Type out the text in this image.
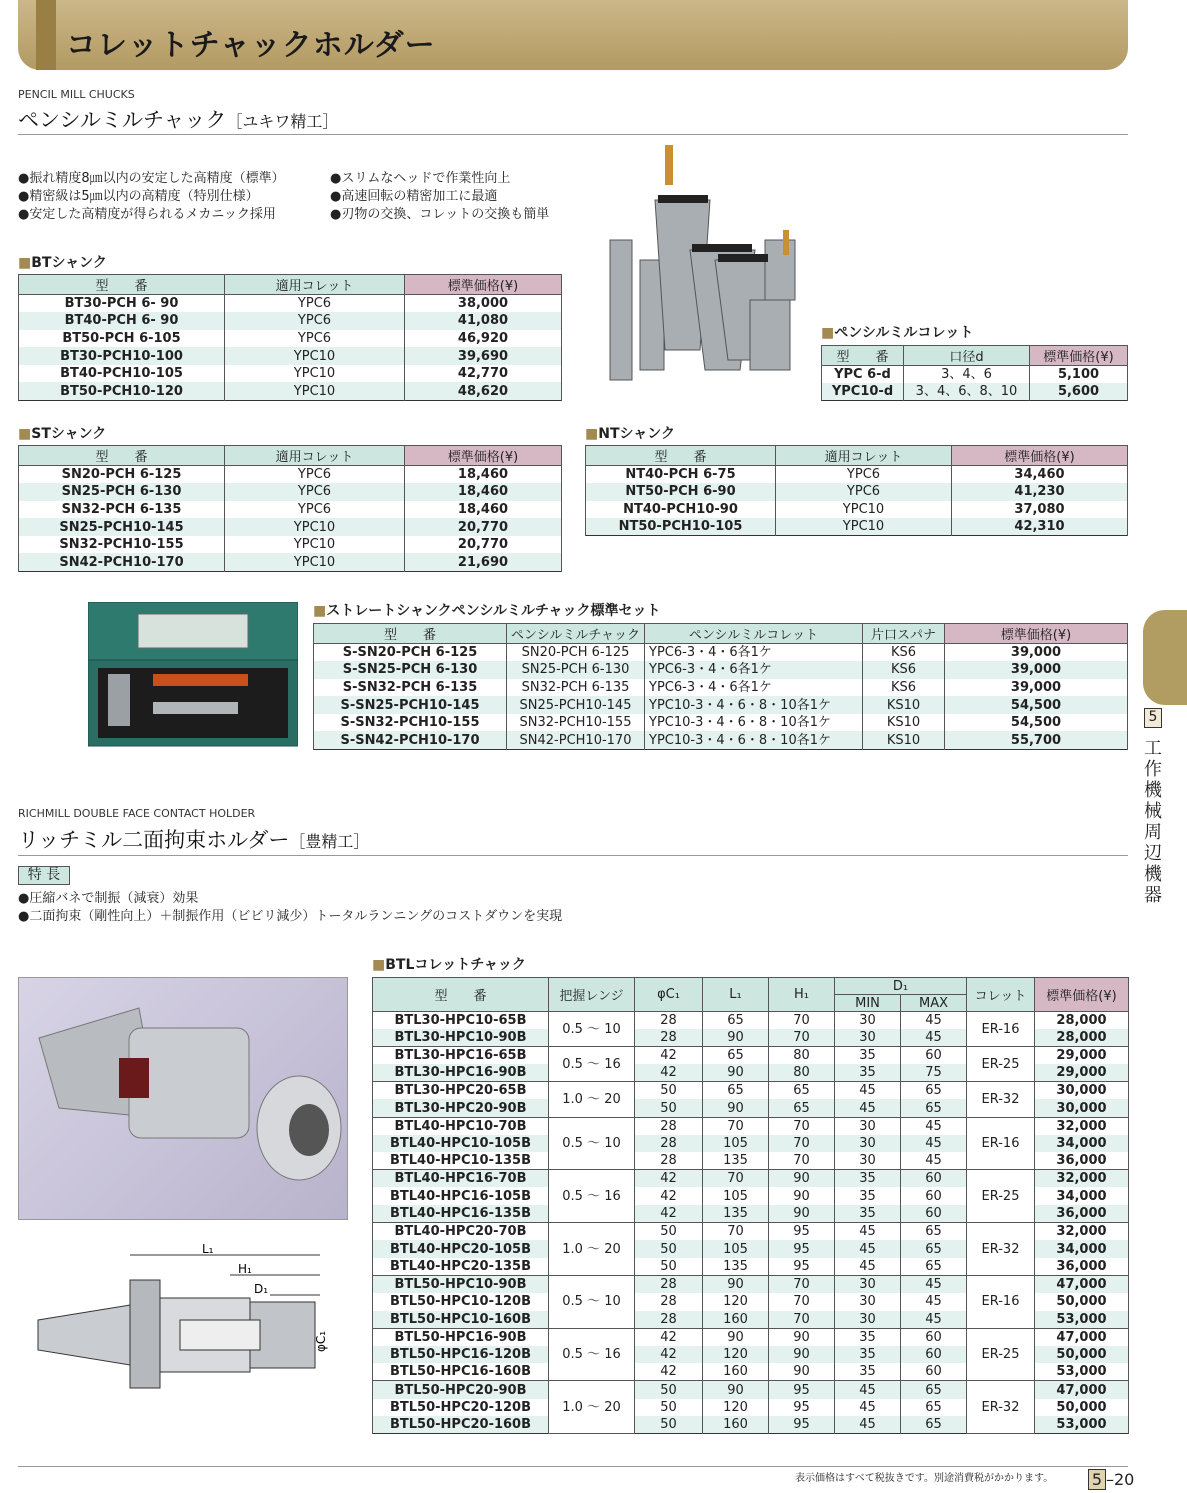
コレットチャックホルダー
PENCIL MILL CHUCKS
ペンシルミルチャック［ユキワ精工］
●振れ精度8㎛以内の安定した高精度（標準）	●スリムなヘッドで作業性向上
●精密級は5㎛以内の高精度（特別仕様）	●高速回転の精密加工に最適
●安定した高精度が得られるメカニック採用	●刃物の交換、コレットの交換も簡単
■ BTシャンク
型　　番	適用コレット	標準価格(¥)
BT30-PCH 6- 90	YPC6	38,000
BT40-PCH 6- 90	YPC6	41,080
BT50-PCH 6-105	YPC6	46,920
BT30-PCH10-100	YPC10	39,690
BT40-PCH10-105	YPC10	42,770
BT50-PCH10-120	YPC10	48,620
■ ペンシルミルコレット
型　　番	口径d	標準価格(¥)
YPC 6-d	3、4、6	5,100
YPC10-d	3、4、6、8、10	5,600
■ STシャンク
型　　番	適用コレット	標準価格(¥)
SN20-PCH 6-125	YPC6	18,460
SN25-PCH 6-130	YPC6	18,460
SN32-PCH 6-135	YPC6	18,460
SN25-PCH10-145	YPC10	20,770
SN32-PCH10-155	YPC10	20,770
SN42-PCH10-170	YPC10	21,690
■ NTシャンク
型　　番	適用コレット	標準価格(¥)
NT40-PCH 6-75	YPC6	34,460
NT50-PCH 6-90	YPC6	41,230
NT40-PCH10-90	YPC10	37,080
NT50-PCH10-105	YPC10	42,310
■ ストレートシャンクペンシルミルチャック標準セット
型　　番	ペンシルミルチャック	ペンシルミルコレット	片口スパナ	標準価格(¥)
S-SN20-PCH 6-125	SN20-PCH 6-125	YPC6-3・4・6各1ケ	KS6	39,000
S-SN25-PCH 6-130	SN25-PCH 6-130	YPC6-3・4・6各1ケ	KS6	39,000
S-SN32-PCH 6-135	SN32-PCH 6-135	YPC6-3・4・6各1ケ	KS6	39,000
S-SN25-PCH10-145	SN25-PCH10-145	YPC10-3・4・6・8・10各1ケ	KS10	54,500
S-SN32-PCH10-155	SN32-PCH10-155	YPC10-3・4・6・8・10各1ケ	KS10	54,500
S-SN42-PCH10-170	SN42-PCH10-170	YPC10-3・4・6・8・10各1ケ	KS10	55,700
RICHMILL DOUBLE FACE CONTACT HOLDER
リッチミル二面拘束ホルダー［豊精工］
特 長
●圧縮バネで制振（減衰）効果
●二面拘束（剛性向上）＋制振作用（ビビリ減少）トータルランニングのコストダウンを実現
L₁
H₁
D₁
φC₁
■ BTLコレットチャック
型　　番	把握レンジ	φC₁	L₁	H₁	D₁		コレット	標準価格(¥)
					MIN	MAX		
BTL30-HPC10-65B	0.5 ～ 10	28	65	70	30	45	ER-16	28,000
BTL30-HPC10-90B		28	90	70	30	45		28,000
BTL30-HPC16-65B	0.5 ～ 16	42	65	80	35	60	ER-25	29,000
BTL30-HPC16-90B		42	90	80	35	75		29,000
BTL30-HPC20-65B	1.0 ～ 20	50	65	65	45	65	ER-32	30,000
BTL30-HPC20-90B		50	90	65	45	65		30,000
BTL40-HPC10-70B	0.5 ～ 10	28	70	70	30	45	ER-16	32,000
BTL40-HPC10-105B		28	105	70	30	45		34,000
BTL40-HPC10-135B		28	135	70	30	45		36,000
BTL40-HPC16-70B	0.5 ～ 16	42	70	90	35	60	ER-25	32,000
BTL40-HPC16-105B		42	105	90	35	60		34,000
BTL40-HPC16-135B		42	135	90	35	60		36,000
BTL40-HPC20-70B	1.0 ～ 20	50	70	95	45	65	ER-32	32,000
BTL40-HPC20-105B		50	105	95	45	65		34,000
BTL40-HPC20-135B		50	135	95	45	65		36,000
BTL50-HPC10-90B	0.5 ～ 10	28	90	70	30	45	ER-16	47,000
BTL50-HPC10-120B		28	120	70	30	45		50,000
BTL50-HPC10-160B		28	160	70	30	45		53,000
BTL50-HPC16-90B	0.5 ～ 16	42	90	90	35	60	ER-25	47,000
BTL50-HPC16-120B		42	120	90	35	60		50,000
BTL50-HPC16-160B		42	160	90	35	60		53,000
BTL50-HPC20-90B	1.0 ～ 20	50	90	95	45	65	ER-32	47,000
BTL50-HPC20-120B		50	120	95	45	65		50,000
BTL50-HPC20-160B		50	160	95	45	65		53,000
5
工作機械周辺機器
表示価格はすべて税抜きです。別途消費税がかかります。 5 –20
